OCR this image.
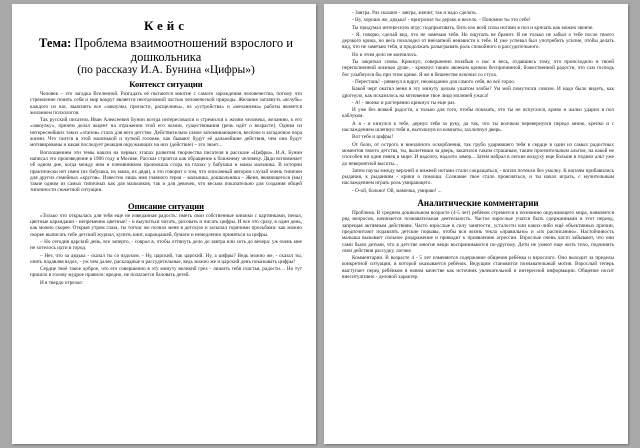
Кейс
Тема: Проблема взаимоотношений взрослого и дошкольника
(по рассказу И.А. Бунина «Цифры»)
Контекст ситуации

Человек – это загадка Вселенной. Разгадать её пытаются многие с самого зарождения человечества, потому что стремление понять себя и мир вокруг является неотделимой частью человеческой природы. Желание заглянуть «вглубь» каждого из нас, выяснить все «закоулки, пропасти, расщелины», из «устройства» и «механизма» работы является желанием психологов.

Так русский писатель Иван Алексеевич Бунин всегда интересовался и стремился к жизни человека, желанию, к его «закоулку», причем делал акцент на отражении этой его жизни, существования (речь идёт о возрасте). Одним из интереснейших таких «этапов» стало для него детство. Действительно самое запоминающееся, весёлое и загадочное пора жизни. Что таится в этой маленькой и чуткой головке, как бывают будут её дальнейшие действия, чем они будут мотивированы и какая последует реакция окружающих на них (действие) – это знает...

Воплощением эти темы нашли на первых этапах развития творчества писателя в рассказе «Цифры». И.А. Бунин написал это произведение в 1906 году в Москве. Рассказ строится как обращение к ближнему человеку. Дяди вспоминает об одном дне, когда между ним и племянником произошла ссора на глазах у бабушки и мамы мальчика. В истории практически нет имен (их бабушка, их мама, их дядя), а это говорит о том, что описанный автором случай очень типичен для других семейных «кругов». Известно лишь имя главного героя – мальчика, дошкольника – Женя, являющегося (мы) такие одним из самых типичных как для мальчиков, так и для девочек, что весьма показательно для создания общей типичности сюжетной ситуации.

Описание ситуации

«Только что открылась для тебя еще не изведанная радость: иметь свои собственные книжки с картинками, пенал, цветные карандаши - непременно цветные! - и выучиться читать, рисовать и писать цифры. И все это сразу, в один день, как можно скорее. Открыв утром глаза, ты тотчас же познал меня в детскую и засыпал горячими просьбами: как можно скорее выписать тебе детский журнал, купить книг, карандашей, бумаги и немедленно приняться за цифры.

– Но сегодня царский день, все заперто, - соврал я, чтобы оттянуть дело до завтра или хоть до вечера: уж очень мне не хотелось идти в город.

– Нет, что за дядька - сказал ты со вздохом. - Ну, царский, так царский. Ну, а цифры? Ведь можно же, - сказал ты, опять подавляя вздох, - уж чем далее, раскладные и рассудительные, ведь можно же и царский день показывать цифры!

Сердце твоё такое доброе, что его совершенно в эту минуту великий грех - лишить тебя счастья, радости… Но тут пришло в голову мудрое правило: вредно, не полагается баловать детей.

И я твердо отрезал:

- Завтра. Раз сказано - завтра, значит, так и надо сделать.

- Ну, хорошо же, дядька! - пригрозил ты дерзко и весело. - Попомни ты это себе!

Ты придумал интересную игру: подпрыгивать, бить изо всей силы ногами в пол и кричать как можно звонче.

- Я, говорю, сделай вид, что не замечаю тебя. Но ощупать не бранит. Я не только не забыл о тебе после твоего дерзкого крика, но весь похолодел от внезапной ненависти к тебе. И уже успевал был употребить усилие, чтобы делать вид, что не замечаю тебя, и продолжать разыгрывать роль спокойного и рассудительного.

Но и этим дело не кончилось.

Ты закричал снова. Крикнул, совершенно позабыв о нас и весь, отдавшись тому, что происходило в твоей переполненной жизнью душе, - крикнул таким звонким криком беспричинной, божественной радости, что сам господь бог улыбнулся бы при этом крике. Я же в бешенстве вскочил со стула.

- Перестань! - рявкнул я вдруг, неожиданно для самого себя, во всё горло.

Какой черт окатил меня в эту минуту целым ушатом злобы? Ум мой помутился совсем. И надо было видеть, как дрогнуло, как исказилось на мгновение твое лицо молнией ужаса!

- А! - звонко и растерянно крикнул ты еще раз.

И уже без всякой радости, а только для того, чтобы показать, что ты не испугался, криво и жалко ударил в пол каблуком.

А я - я кинулся к тебе, дернул тебя за руку, да так, что ты волчком перевернулся передо мною, крепко и с наслаждением шлепнул тебя и, вытолкнув из комнаты, захлопнул дверь.

Вот тебе и цифры!

От боли, от острого и внезапного оскорбления, так грубо ударившего тебя в сердце в один из самых радостных моментов твоего детства, ты, вылетевши за дверь, закатился таким страшным, таким пронзительным альтом, на какой не способен ни один певец в мире. И надолго, надолго замер... Затем набрал в легкие воздуху еще больше и поднял альт уже до невероятной высоты...

Затем паузы между верхней и нижней нотами стали сокращаться, - вопли потекли без умолку. К воплям прибавились рыдания, к рыданиям - крики о помощи. Сознание твое стало проясняться, и ты начал играть, с мучительным наслаждением играть роль умирающего.

- О-ой, больно! Ой, мамочка, умираю! ...

Аналитические комментарии

Проблема. В среднем дошкольном возрасте (4-5 лет) ребёнок стремится к познанию окружающего мира, появляется ряд вопросов, начинается познавательная деятельность. Частое взрослые учатся быть сдержанными в этот период, запрещая активным действиям. Часто взрослые в силу занятости, усталости или каких-либо ещё объективных причин, предпочитают подавлять детские порывы, чтобы вся жизнь текла «правильно» и «по расписанию». Настойчивость малыша вызывает сильное раздражение и приводит к проявлению агрессии. Взрослые очень часто забывают, что они сами были детьми, что в детстве многие вещи воспринимаются по-другому. Дети не умеют еще жить тихо, подчинять свои действия рассудку, логике.

Комментарии. В возрасте 4 - 5 лет изменяется содержание общения ребёнка и взрослого. Оно выходит за пределы конкретной ситуации, в которой оказывается ребёнок. Ведущим становится познавательный мотив. Взрослый теперь выступает перед ребёнком в новом качестве как источник увлекательной и интересной информации. Общение носит внеситуативно - деловой характер.
